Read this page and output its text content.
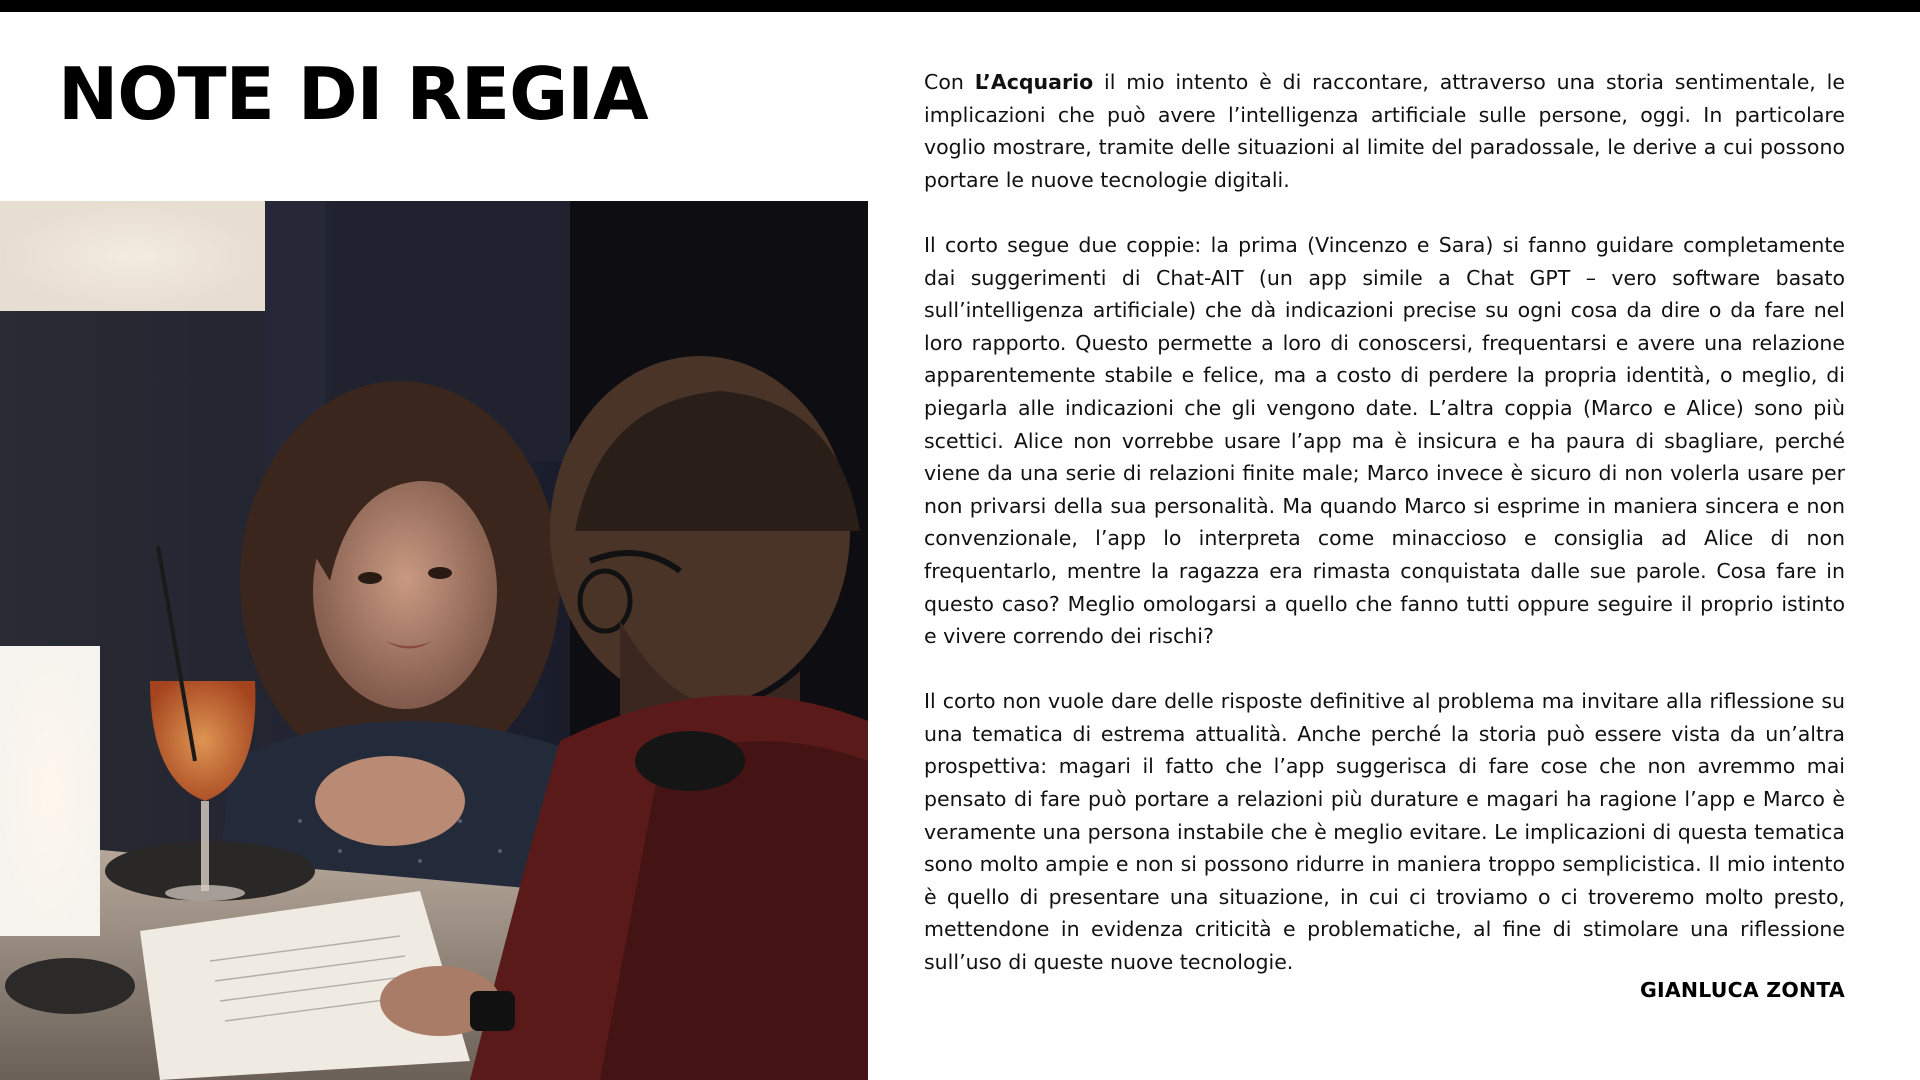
NOTE DI REGIA	Con L’Acquario il mio intento è di raccontare, attraverso una storia sentimentale, le implicazioni che può avere l’intelligenza artificiale sulle persone, oggi. In particolare voglio mostrare, tramite delle situazioni al limite del paradossale, le derive a cui possono portare le nuove tecnologie digitali.

Il corto segue due coppie: la prima (Vincenzo e Sara) si fanno guidare completamente dai suggerimenti di Chat-AIT (un app simile a Chat GPT – vero software basato sull’intelligenza artificiale) che dà indicazioni precise su ogni cosa da dire o da fare nel loro rapporto. Questo permette a loro di conoscersi, frequentarsi e avere una relazione apparentemente stabile e felice, ma a costo di perdere la propria identità, o meglio, di piegarla alle indicazioni che gli vengono date. L’altra coppia (Marco e Alice) sono più scettici. Alice non vorrebbe usare l’app ma è insicura e ha paura di sbagliare, perché viene da una serie di relazioni finite male; Marco invece è sicuro di non volerla usare per non privarsi della sua personalità. Ma quando Marco si esprime in maniera sincera e non convenzionale, l’app lo interpreta come minaccioso e consiglia ad Alice di non frequentarlo, mentre la ragazza era rimasta conquistata dalle sue parole. Cosa fare in questo caso? Meglio omologarsi a quello che fanno tutti oppure seguire il proprio istinto e vivere correndo dei rischi?

Il corto non vuole dare delle risposte definitive al problema ma invitare alla riflessione su una tematica di estrema attualità. Anche perché la storia può essere vista da un’altra prospettiva: magari il fatto che l’app suggerisca di fare cose che non avremmo mai pensato di fare può portare a relazioni più durature e magari ha ragione l’app e Marco è veramente una persona instabile che è meglio evitare. Le implicazioni di questa tematica sono molto ampie e non si possono ridurre in maniera troppo semplicistica. Il mio intento è quello di presentare una situazione, in cui ci troviamo o ci troveremo molto presto, mettendone in evidenza criticità e problematiche, al fine di stimolare una riflessione sull’uso di queste nuove tecnologie.

GIANLUCA ZONTA
